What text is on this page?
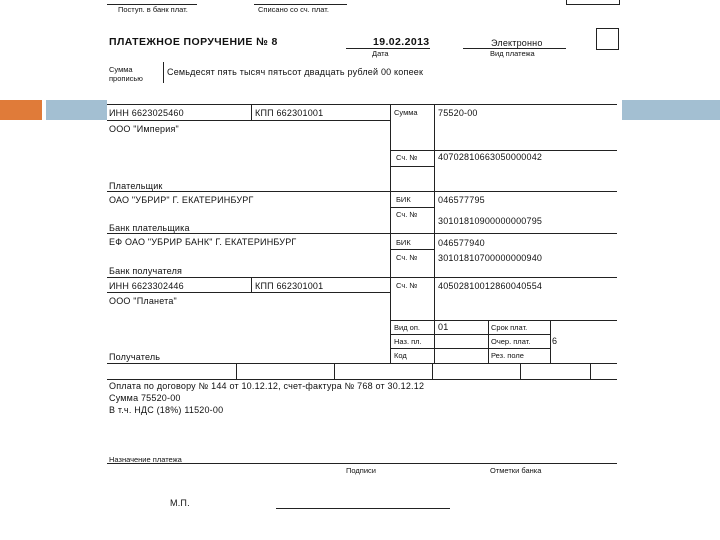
Поступ. в банк плат.	Списано со сч. плат.
ПЛАТЕЖНОЕ ПОРУЧЕНИЕ № 8	19.02.2013
Дата
Электронно
Вид платежа
Сумма
прописью
Семьдесят пять тысяч пятьсот двадцать рублей 00 копеек
ИНН 6623025460	КПП 662301001	Сумма 75520-00
ООО "Империя"
Сч. № 40702810663050000042
Плательщик
ОАО "УБРИР" Г. ЕКАТЕРИНБУРГ	БИК	046577795
Сч. №
30101810900000000795
Банк плательщика
ЕФ ОАО "УБРИР БАНК" Г. ЕКАТЕРИНБУРГ	БИК	046577940
Сч. № 30101810700000000940
Банк получателя
ИНН 6623302446	КПП 662301001	Сч. № 40502810012860040554
ООО "Планета"
Получатель
Вид оп. 01	Срок плат.
Наз. пл.	Очер. плат. 6
Код	Рез. поле
Оплата по договору № 144 от 10.12.12, счет-фактура № 768 от 30.12.12
Сумма 75520-00
В т.ч. НДС (18%) 11520-00
Назначение платежа
Подписи	Отметки банка
М.П.
